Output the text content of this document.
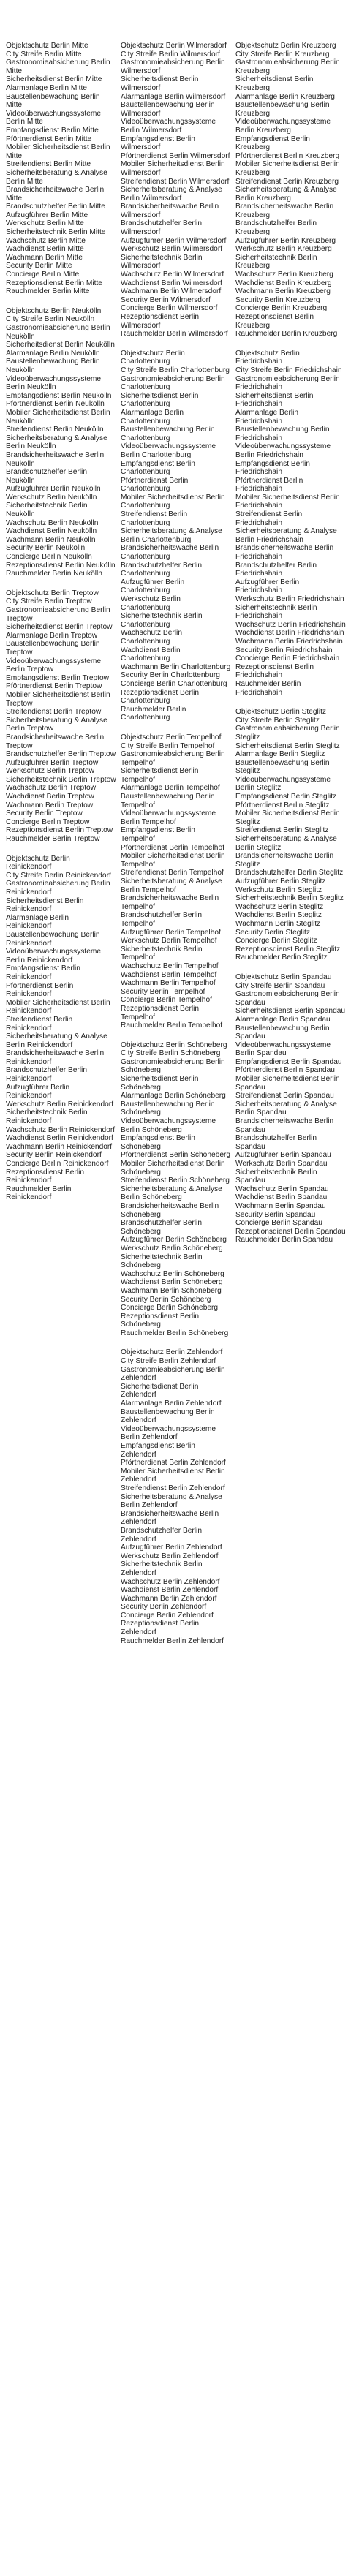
Objektschutz Berlin Mitte
City Streife Berlin Mitte
Gastronomieabsicherung Berlin Mitte
Sicherheitsdienst Berlin Mitte
Alarmanlage Berlin Mitte
Baustellenbewachung Berlin Mitte
Videoüberwachungssysteme Berlin Mitte
Empfangsdienst Berlin Mitte
Pförtnerdienst Berlin Mitte
Mobiler Sicherheitsdienst Berlin Mitte
Streifendienst Berlin Mitte
Sicherheitsberatung & Analyse Berlin Mitte
Brandsicherheitswache Berlin Mitte
Brandschutzhelfer Berlin Mitte
Aufzugführer Berlin Mitte
Werkschutz Berlin Mitte
Sicherheitstechnik Berlin Mitte
Wachschutz Berlin Mitte
Wachdienst Berlin Mitte
Wachmann Berlin Mitte
Security Berlin Mitte
Concierge Berlin Mitte
Rezeptionsdienst Berlin Mitte
Rauchmelder Berlin Mitte
Objektschutz Berlin Neukölln
City Streife Berlin Neukölln
Gastronomieabsicherung Berlin Neukölln
Sicherheitsdienst Berlin Neukölln
Alarmanlage Berlin Neukölln
Baustellenbewachung Berlin Neukölln
Videoüberwachungssysteme Berlin Neukölln
Empfangsdienst Berlin Neukölln
Pförtnerdienst Berlin Neukölln
Mobiler Sicherheitsdienst Berlin Neukölln
Streifendienst Berlin Neukölln
Sicherheitsberatung & Analyse Berlin Neukölln
Brandsicherheitswache Berlin Neukölln
Brandschutzhelfer Berlin Neukölln
Aufzugführer Berlin Neukölln
Werkschutz Berlin Neukölln
Sicherheitstechnik Berlin Neukölln
Wachschutz Berlin Neukölln
Wachdienst Berlin Neukölln
Wachmann Berlin Neukölln
Security Berlin Neukölln
Concierge Berlin Neukölln
Rezeptionsdienst Berlin Neukölln
Rauchmelder Berlin Neukölln
Objektschutz Berlin Treptow
City Streife Berlin Treptow
Gastronomieabsicherung Berlin Treptow
Sicherheitsdienst Berlin Treptow
Alarmanlage Berlin Treptow
Baustellenbewachung Berlin Treptow
Videoüberwachungssysteme Berlin Treptow
Empfangsdienst Berlin Treptow
Pförtnerdienst Berlin Treptow
Mobiler Sicherheitsdienst Berlin Treptow
Streifendienst Berlin Treptow
Sicherheitsberatung & Analyse Berlin Treptow
Brandsicherheitswache Berlin Treptow
Brandschutzhelfer Berlin Treptow
Aufzugführer Berlin Treptow
Werkschutz Berlin Treptow
Sicherheitstechnik Berlin Treptow
Wachschutz Berlin Treptow
Wachdienst Berlin Treptow
Wachmann Berlin Treptow
Security Berlin Treptow
Concierge Berlin Treptow
Rezeptionsdienst Berlin Treptow
Rauchmelder Berlin Treptow
Objektschutz Berlin Reinickendorf
City Streife Berlin Reinickendorf
Gastronomieabsicherung Berlin Reinickendorf
Sicherheitsdienst Berlin Reinickendorf
Alarmanlage Berlin Reinickendorf
Baustellenbewachung Berlin Reinickendorf
Videoüberwachungssysteme Berlin Reinickendorf
Empfangsdienst Berlin Reinickendorf
Pförtnerdienst Berlin Reinickendorf
Mobiler Sicherheitsdienst Berlin Reinickendorf
Streifendienst Berlin Reinickendorf
Sicherheitsberatung & Analyse Berlin Reinickendorf
Brandsicherheitswache Berlin Reinickendorf
Brandschutzhelfer Berlin Reinickendorf
Aufzugführer Berlin Reinickendorf
Werkschutz Berlin Reinickendorf
Sicherheitstechnik Berlin Reinickendorf
Wachschutz Berlin Reinickendorf
Wachdienst Berlin Reinickendorf
Wachmann Berlin Reinickendorf
Security Berlin Reinickendorf
Concierge Berlin Reinickendorf
Rezeptionsdienst Berlin Reinickendorf
Rauchmelder Berlin Reinickendorf
Objektschutz Berlin Wilmersdorf
City Streife Berlin Wilmersdorf
Gastronomieabsicherung Berlin Wilmersdorf
Sicherheitsdienst Berlin Wilmersdorf
Alarmanlage Berlin Wilmersdorf
Baustellenbewachung Berlin Wilmersdorf
Videoüberwachungssysteme Berlin Wilmersdorf
Empfangsdienst Berlin Wilmersdorf
Pförtnerdienst Berlin Wilmersdorf
Mobiler Sicherheitsdienst Berlin Wilmersdorf
Streifendienst Berlin Wilmersdorf
Sicherheitsberatung & Analyse Berlin Wilmersdorf
Brandsicherheitswache Berlin Wilmersdorf
Brandschutzhelfer Berlin Wilmersdorf
Aufzugführer Berlin Wilmersdorf
Werkschutz Berlin Wilmersdorf
Sicherheitstechnik Berlin Wilmersdorf
Wachschutz Berlin Wilmersdorf
Wachdienst Berlin Wilmersdorf
Wachmann Berlin Wilmersdorf
Security Berlin Wilmersdorf
Concierge Berlin Wilmersdorf
Rezeptionsdienst Berlin Wilmersdorf
Rauchmelder Berlin Wilmersdorf
Objektschutz Berlin Charlottenburg
City Streife Berlin Charlottenburg
Gastronomieabsicherung Berlin Charlottenburg
Sicherheitsdienst Berlin Charlottenburg
Alarmanlage Berlin Charlottenburg
Baustellenbewachung Berlin Charlottenburg
Videoüberwachungssysteme Berlin Charlottenburg
Empfangsdienst Berlin Charlottenburg
Pförtnerdienst Berlin Charlottenburg
Mobiler Sicherheitsdienst Berlin Charlottenburg
Streifendienst Berlin Charlottenburg
Sicherheitsberatung & Analyse Berlin Charlottenburg
Brandsicherheitswache Berlin Charlottenburg
Brandschutzhelfer Berlin Charlottenburg
Aufzugführer Berlin Charlottenburg
Werkschutz Berlin Charlottenburg
Sicherheitstechnik Berlin Charlottenburg
Wachschutz Berlin Charlottenburg
Wachdienst Berlin Charlottenburg
Wachmann Berlin Charlottenburg
Security Berlin Charlottenburg
Concierge Berlin Charlottenburg
Rezeptionsdienst Berlin Charlottenburg
Rauchmelder Berlin Charlottenburg
Objektschutz Berlin Tempelhof
City Streife Berlin Tempelhof
Gastronomieabsicherung Berlin Tempelhof
Sicherheitsdienst Berlin Tempelhof
Alarmanlage Berlin Tempelhof
Baustellenbewachung Berlin Tempelhof
Videoüberwachungssysteme Berlin Tempelhof
Empfangsdienst Berlin Tempelhof
Pförtnerdienst Berlin Tempelhof
Mobiler Sicherheitsdienst Berlin Tempelhof
Streifendienst Berlin Tempelhof
Sicherheitsberatung & Analyse Berlin Tempelhof
Brandsicherheitswache Berlin Tempelhof
Brandschutzhelfer Berlin Tempelhof
Aufzugführer Berlin Tempelhof
Werkschutz Berlin Tempelhof
Sicherheitstechnik Berlin Tempelhof
Wachschutz Berlin Tempelhof
Wachdienst Berlin Tempelhof
Wachmann Berlin Tempelhof
Security Berlin Tempelhof
Concierge Berlin Tempelhof
Rezeptionsdienst Berlin Tempelhof
Rauchmelder Berlin Tempelhof
Objektschutz Berlin Schöneberg
City Streife Berlin Schöneberg
Gastronomieabsicherung Berlin Schöneberg
Sicherheitsdienst Berlin Schöneberg
Alarmanlage Berlin Schöneberg
Baustellenbewachung Berlin Schöneberg
Videoüberwachungssysteme Berlin Schöneberg
Empfangsdienst Berlin Schöneberg
Pförtnerdienst Berlin Schöneberg
Mobiler Sicherheitsdienst Berlin Schöneberg
Streifendienst Berlin Schöneberg
Sicherheitsberatung & Analyse Berlin Schöneberg
Brandsicherheitswache Berlin Schöneberg
Brandschutzhelfer Berlin Schöneberg
Aufzugführer Berlin Schöneberg
Werkschutz Berlin Schöneberg
Sicherheitstechnik Berlin Schöneberg
Wachschutz Berlin Schöneberg
Wachdienst Berlin Schöneberg
Wachmann Berlin Schöneberg
Security Berlin Schöneberg
Concierge Berlin Schöneberg
Rezeptionsdienst Berlin Schöneberg
Rauchmelder Berlin Schöneberg
Objektschutz Berlin Zehlendorf
City Streife Berlin Zehlendorf
Gastronomieabsicherung Berlin Zehlendorf
Sicherheitsdienst Berlin Zehlendorf
Alarmanlage Berlin Zehlendorf
Baustellenbewachung Berlin Zehlendorf
Videoüberwachungssysteme Berlin Zehlendorf
Empfangsdienst Berlin Zehlendorf
Pförtnerdienst Berlin Zehlendorf
Mobiler Sicherheitsdienst Berlin Zehlendorf
Streifendienst Berlin Zehlendorf
Sicherheitsberatung & Analyse Berlin Zehlendorf
Brandsicherheitswache Berlin Zehlendorf
Brandschutzhelfer Berlin Zehlendorf
Aufzugführer Berlin Zehlendorf
Werkschutz Berlin Zehlendorf
Sicherheitstechnik Berlin Zehlendorf
Wachschutz Berlin Zehlendorf
Wachdienst Berlin Zehlendorf
Wachmann Berlin Zehlendorf
Security Berlin Zehlendorf
Concierge Berlin Zehlendorf
Rezeptionsdienst Berlin Zehlendorf
Rauchmelder Berlin Zehlendorf
Objektschutz Berlin Kreuzberg
City Streife Berlin Kreuzberg
Gastronomieabsicherung Berlin Kreuzberg
Sicherheitsdienst Berlin Kreuzberg
Alarmanlage Berlin Kreuzberg
Baustellenbewachung Berlin Kreuzberg
Videoüberwachungssysteme Berlin Kreuzberg
Empfangsdienst Berlin Kreuzberg
Pförtnerdienst Berlin Kreuzberg
Mobiler Sicherheitsdienst Berlin Kreuzberg
Streifendienst Berlin Kreuzberg
Sicherheitsberatung & Analyse Berlin Kreuzberg
Brandsicherheitswache Berlin Kreuzberg
Brandschutzhelfer Berlin Kreuzberg
Aufzugführer Berlin Kreuzberg
Werkschutz Berlin Kreuzberg
Sicherheitstechnik Berlin Kreuzberg
Wachschutz Berlin Kreuzberg
Wachdienst Berlin Kreuzberg
Wachmann Berlin Kreuzberg
Security Berlin Kreuzberg
Concierge Berlin Kreuzberg
Rezeptionsdienst Berlin Kreuzberg
Rauchmelder Berlin Kreuzberg
Objektschutz Berlin Friedrichshain
City Streife Berlin Friedrichshain
Gastronomieabsicherung Berlin Friedrichshain
Sicherheitsdienst Berlin Friedrichshain
Alarmanlage Berlin Friedrichshain
Baustellenbewachung Berlin Friedrichshain
Videoüberwachungssysteme Berlin Friedrichshain
Empfangsdienst Berlin Friedrichshain
Pförtnerdienst Berlin Friedrichshain
Mobiler Sicherheitsdienst Berlin Friedrichshain
Streifendienst Berlin Friedrichshain
Sicherheitsberatung & Analyse Berlin Friedrichshain
Brandsicherheitswache Berlin Friedrichshain
Brandschutzhelfer Berlin Friedrichshain
Aufzugführer Berlin Friedrichshain
Werkschutz Berlin Friedrichshain
Sicherheitstechnik Berlin Friedrichshain
Wachschutz Berlin Friedrichshain
Wachdienst Berlin Friedrichshain
Wachmann Berlin Friedrichshain
Security Berlin Friedrichshain
Concierge Berlin Friedrichshain
Rezeptionsdienst Berlin Friedrichshain
Rauchmelder Berlin Friedrichshain
Objektschutz Berlin Steglitz
City Streife Berlin Steglitz
Gastronomieabsicherung Berlin Steglitz
Sicherheitsdienst Berlin Steglitz
Alarmanlage Berlin Steglitz
Baustellenbewachung Berlin Steglitz
Videoüberwachungssysteme Berlin Steglitz
Empfangsdienst Berlin Steglitz
Pförtnerdienst Berlin Steglitz
Mobiler Sicherheitsdienst Berlin Steglitz
Streifendienst Berlin Steglitz
Sicherheitsberatung & Analyse Berlin Steglitz
Brandsicherheitswache Berlin Steglitz
Brandschutzhelfer Berlin Steglitz
Aufzugführer Berlin Steglitz
Werkschutz Berlin Steglitz
Sicherheitstechnik Berlin Steglitz
Wachschutz Berlin Steglitz
Wachdienst Berlin Steglitz
Wachmann Berlin Steglitz
Security Berlin Steglitz
Concierge Berlin Steglitz
Rezeptionsdienst Berlin Steglitz
Rauchmelder Berlin Steglitz
Objektschutz Berlin Spandau
City Streife Berlin Spandau
Gastronomieabsicherung Berlin Spandau
Sicherheitsdienst Berlin Spandau
Alarmanlage Berlin Spandau
Baustellenbewachung Berlin Spandau
Videoüberwachungssysteme Berlin Spandau
Empfangsdienst Berlin Spandau
Pförtnerdienst Berlin Spandau
Mobiler Sicherheitsdienst Berlin Spandau
Streifendienst Berlin Spandau
Sicherheitsberatung & Analyse Berlin Spandau
Brandsicherheitswache Berlin Spandau
Brandschutzhelfer Berlin Spandau
Aufzugführer Berlin Spandau
Werkschutz Berlin Spandau
Sicherheitstechnik Berlin Spandau
Wachschutz Berlin Spandau
Wachdienst Berlin Spandau
Wachmann Berlin Spandau
Security Berlin Spandau
Concierge Berlin Spandau
Rezeptionsdienst Berlin Spandau
Rauchmelder Berlin Spandau
